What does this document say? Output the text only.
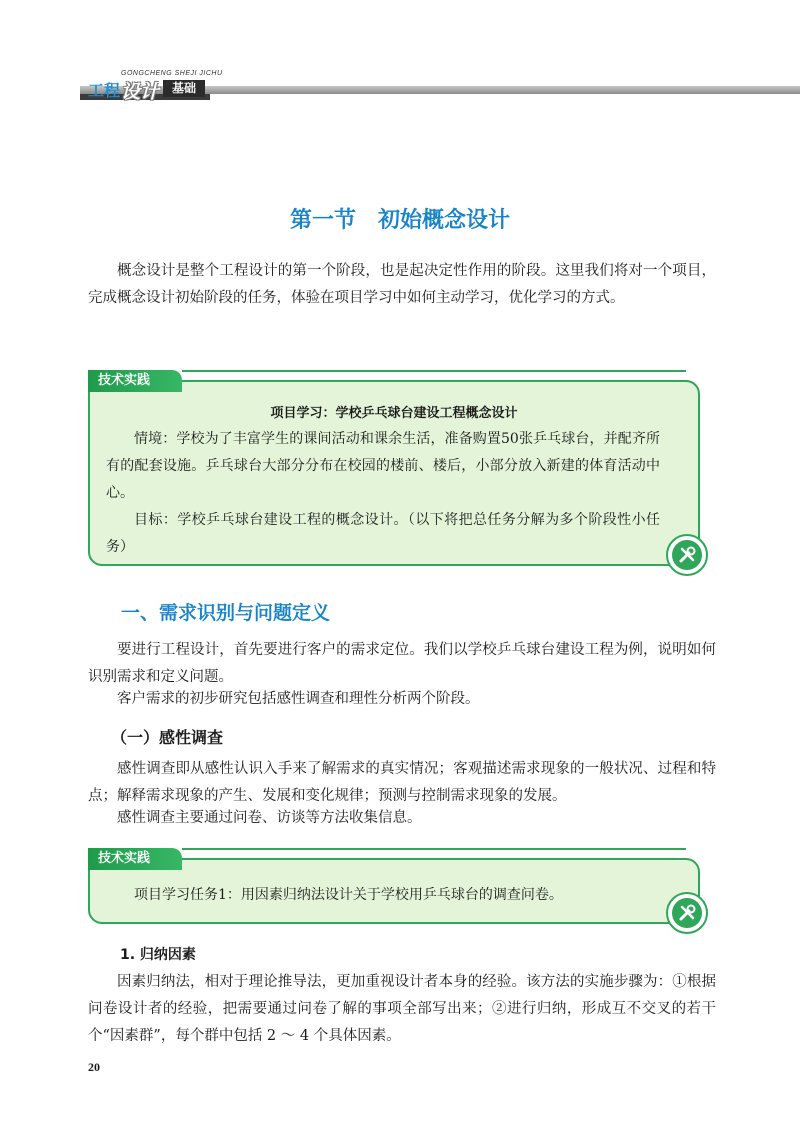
GONGCHENG SHEJI JICHU
工程 设计	基础
第一节　初始概念设计
概念设计是整个工程设计的第一个阶段，也是起决定性作用的阶段。这里我们将对一个项目，完成概念设计初始阶段的任务，体验在项目学习中如何主动学习，优化学习的方式。
技术实践
项目学习：学校乒乓球台建设工程概念设计
情境：学校为了丰富学生的课间活动和课余生活，准备购置50张乒乓球台，并配齐所有的配套设施。乒乓球台大部分分布在校园的楼前、楼后，小部分放入新建的体育活动中心。
目标：学校乒乓球台建设工程的概念设计。（以下将把总任务分解为多个阶段性小任务）
一、需求识别与问题定义
要进行工程设计，首先要进行客户的需求定位。我们以学校乒乓球台建设工程为例，说明如何识别需求和定义问题。
客户需求的初步研究包括感性调查和理性分析两个阶段。
（一）感性调查
感性调查即从感性认识入手来了解需求的真实情况；客观描述需求现象的一般状况、过程和特点；解释需求现象的产生、发展和变化规律；预测与控制需求现象的发展。
感性调查主要通过问卷、访谈等方法收集信息。
技术实践
项目学习任务1：用因素归纳法设计关于学校用乒乓球台的调查问卷。
1. 归纳因素
因素归纳法，相对于理论推导法，更加重视设计者本身的经验。该方法的实施步骤为：①根据问卷设计者的经验，把需要通过问卷了解的事项全部写出来；②进行归纳，形成互不交叉的若干个“因素群”，每个群中包括 2 ～ 4 个具体因素。
20
